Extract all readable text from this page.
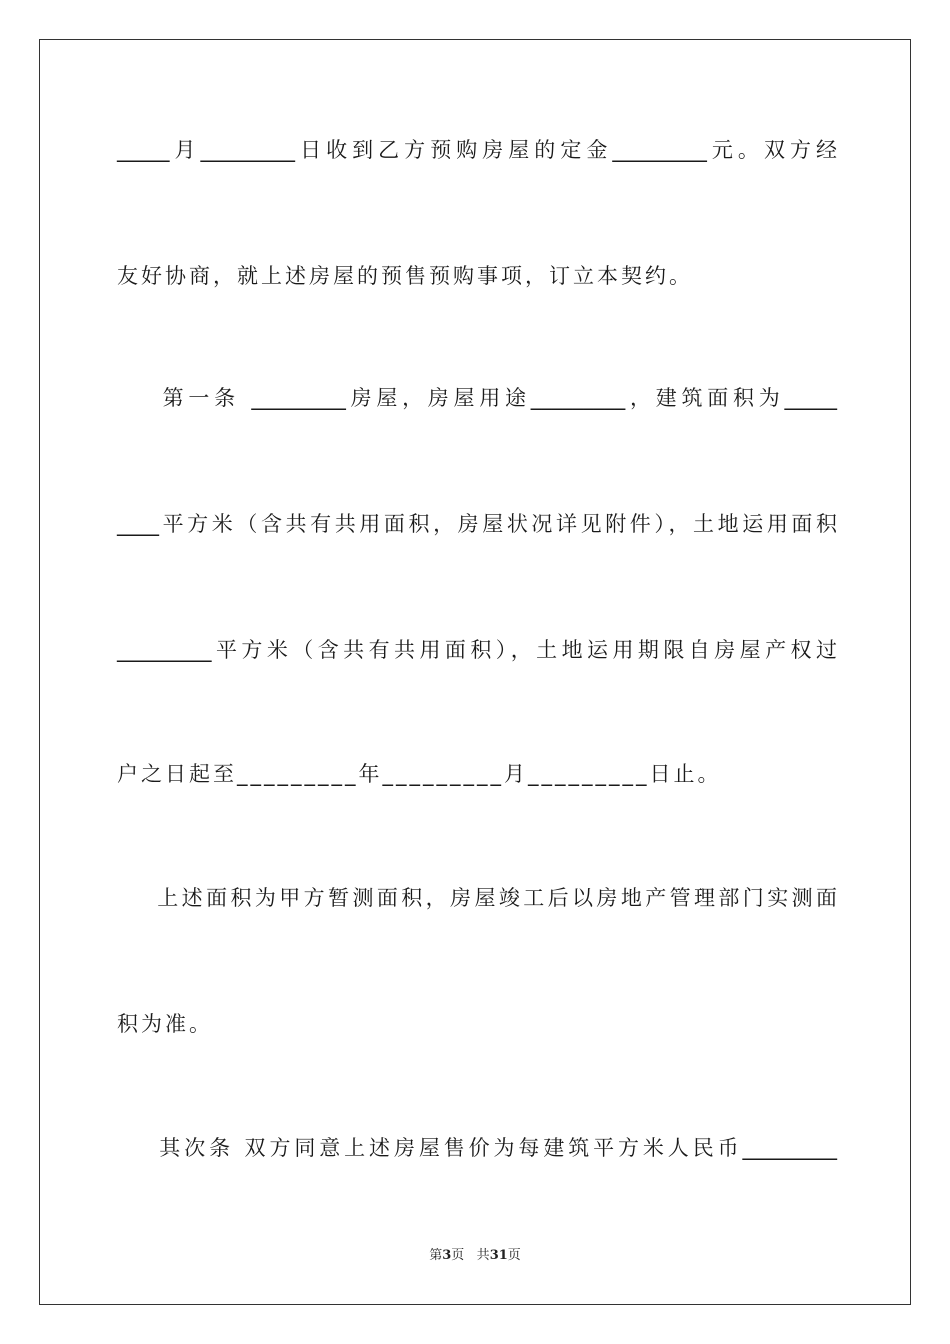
_____月_________日收到乙方预购房屋的定金_________元。双方经
友好协商，就上述房屋的预售预购事项，订立本契约。
第一条 _________房屋，房屋用途_________，建筑面积为_____
____平方米（含共有共用面积，房屋状况详见附件），土地运用面积
_________平方米（含共有共用面积），土地运用期限自房屋产权过
户之日起至_________年_________月_________日止。
上述面积为甲方暂测面积，房屋竣工后以房地产管理部门实测面
积为准。
其次条 双方同意上述房屋售价为每建筑平方米人民币_________
第3页 共31页
